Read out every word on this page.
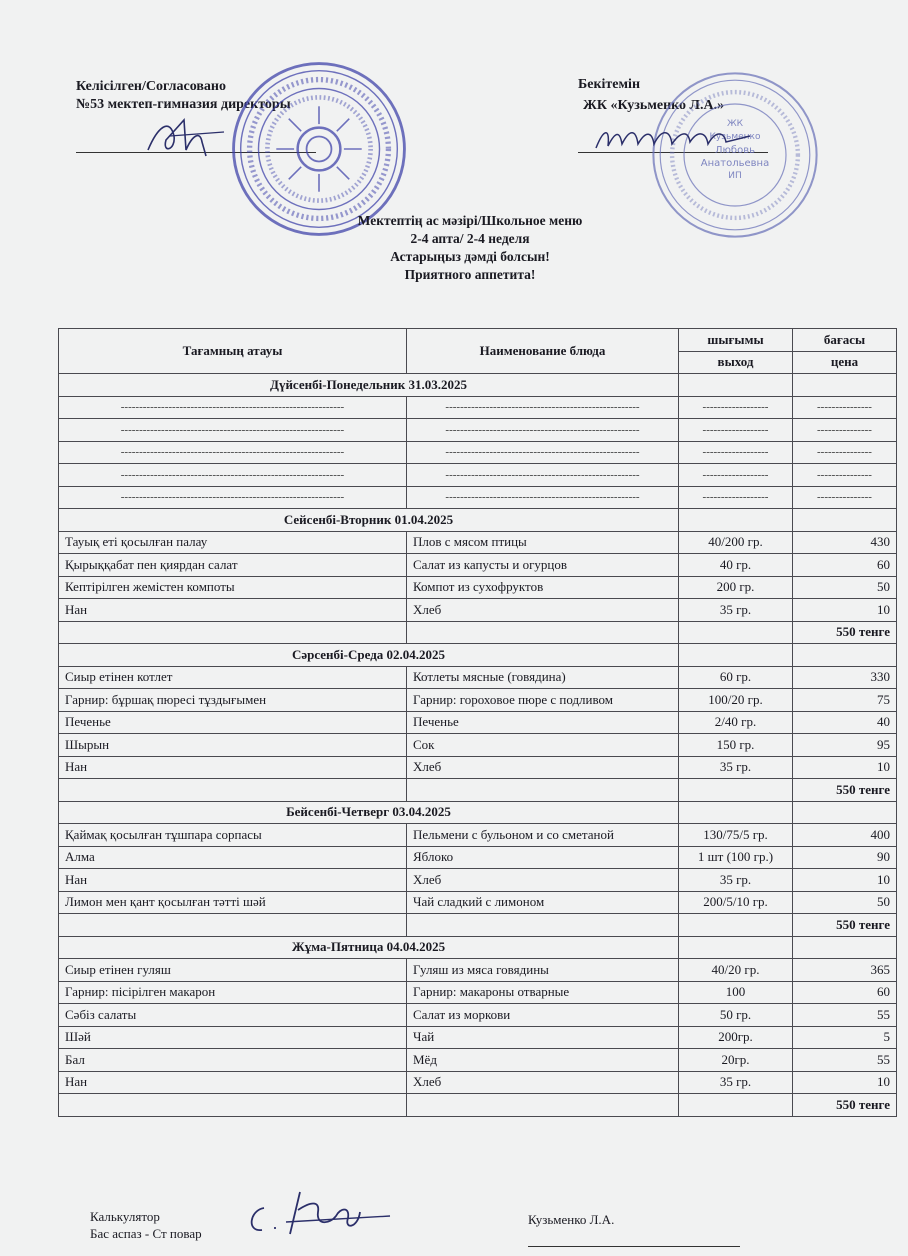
Келісілген/Согласовано
№53 мектеп-гимназия директоры
Бекітемін
ЖК «Кузьменко Л.А.»
ЖК
Кузьменко
Любовь
Анатольевна
ИП
Мектептің ас мәзірі/Школьное меню
2-4 апта/ 2-4 неделя
Астарыңыз дәмді болсын!
Приятного аппетита!
Тағамның атауы	Наименование блюда	шығымы	бағасы
		выход	цена
Дүйсенбі-Понедельник 31.03.2025			
-------------------------------------------------------------	-----------------------------------------------------	------------------	---------------
-------------------------------------------------------------	-----------------------------------------------------	------------------	---------------
-------------------------------------------------------------	-----------------------------------------------------	------------------	---------------
-------------------------------------------------------------	-----------------------------------------------------	------------------	---------------
-------------------------------------------------------------	-----------------------------------------------------	------------------	---------------
Сейсенбі-Вторник 01.04.2025			
Тауық еті қосылған палау	Плов с мясом птицы	40/200 гр.	430
Қырыққабат пен қиярдан салат	Салат из капусты и огурцов	40 гр.	60
Кептірілген жемістен компоты	Компот из сухофруктов	200 гр.	50
Нан	Хлеб	35 гр.	10
			550 тенге
Сәрсенбі-Среда 02.04.2025			
Сиыр етінен котлет	Котлеты мясные (говядина)	60 гр.	330
Гарнир: бұршақ пюресі тұздығымен	Гарнир: гороховое пюре с подливом	100/20 гр.	75
Печенье	Печенье	2/40 гр.	40
Шырын	Сок	150 гр.	95
Нан	Хлеб	35 гр.	10
			550 тенге
Бейсенбі-Четверг 03.04.2025			
Қаймақ қосылған тұшпара сорпасы	Пельмени с бульоном и со сметаной	130/75/5 гр.	400
Алма	Яблоко	1 шт (100 гр.)	90
Нан	Хлеб	35 гр.	10
Лимон мен қант қосылған тәтті шәй	Чай сладкий с лимоном	200/5/10 гр.	50
			550 тенге
Жұма-Пятница 04.04.2025			
Сиыр етінен гуляш	Гуляш из мяса говядины	40/20 гр.	365
Гарнир: пісірілген макарон	Гарнир: макароны отварные	100	60
Сәбіз салаты	Салат из моркови	50 гр.	55
Шәй	Чай	200гр.	5
Бал	Мёд	20гр.	55
Нан	Хлеб	35 гр.	10
			550 тенге
Калькулятор
Бас аспаз - Ст повар
Кузьменко Л.А.
